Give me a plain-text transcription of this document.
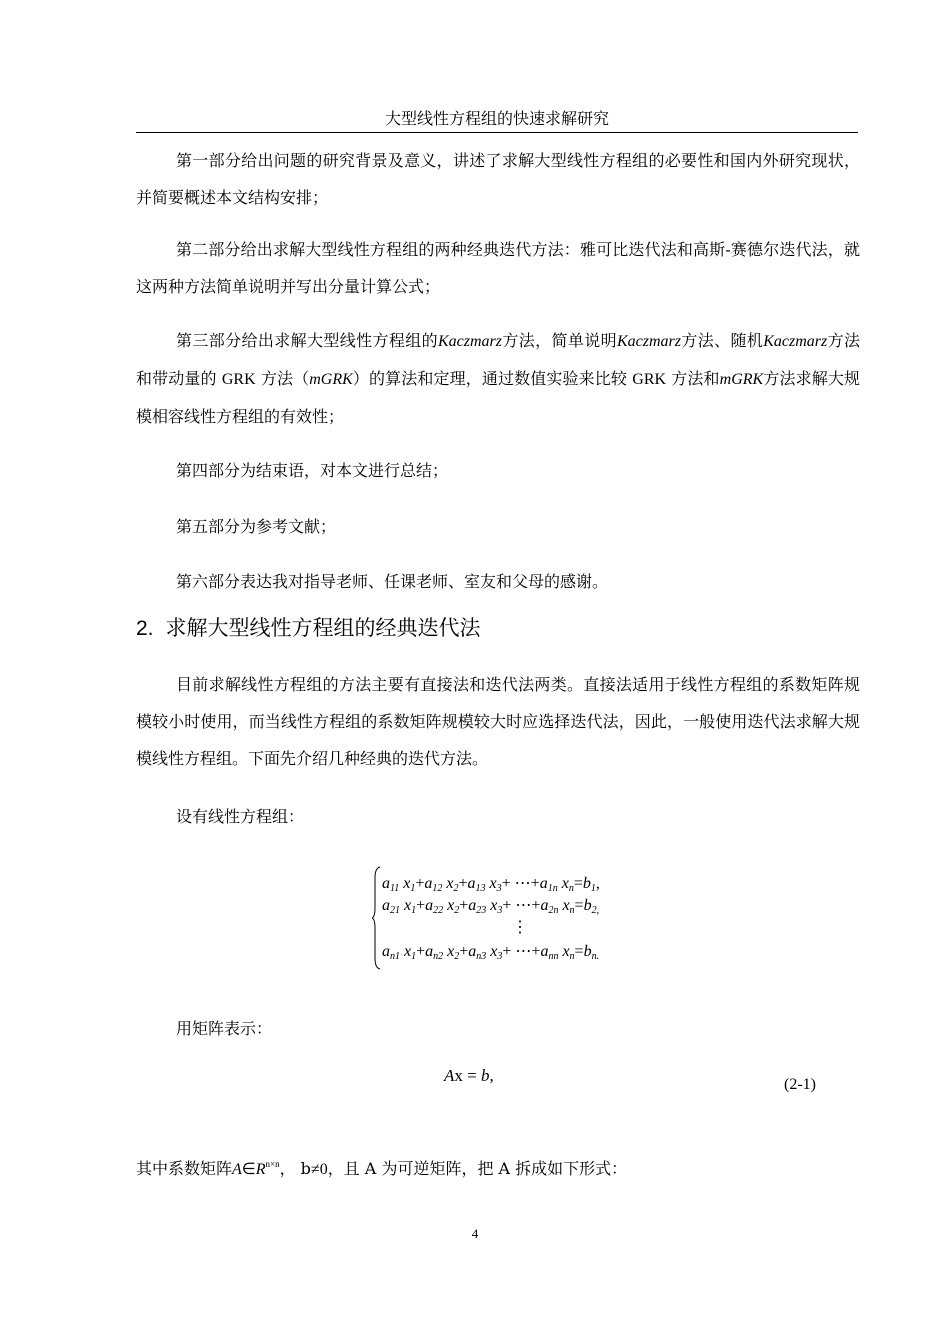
大型线性方程组的快速求解研究

第一部分给出问题的研究背景及意义，讲述了求解大型线性方程组的必要性和国内外研究现状，并简要概述本文结构安排；

第二部分给出求解大型线性方程组的两种经典迭代方法：雅可比迭代法和高斯-赛德尔迭代法，就这两种方法简单说明并写出分量计算公式；

第三部分给出求解大型线性方程组的Kaczmarz方法，简单说明Kaczmarz方法、随机Kaczmarz方法和带动量的 GRK 方法（mGRK）的算法和定理，通过数值实验来比较 GRK 方法和mGRK方法求解大规模相容线性方程组的有效性；

第四部分为结束语，对本文进行总结；

第五部分为参考文献；

第六部分表达我对指导老师、任课老师、室友和父母的感谢。

2. 求解大型线性方程组的经典迭代法

目前求解线性方程组的方法主要有直接法和迭代法两类。直接法适用于线性方程组的系数矩阵规模较小时使用，而当线性方程组的系数矩阵规模较大时应选择迭代法，因此，一般使用迭代法求解大规模线性方程组。下面先介绍几种经典的迭代方法。

设有线性方程组：

$a_{11}$ $x_1+a_{12}$ $x_2+a_{13}$ $x_3+$ $\cdots+a_{1n}$ $x_n=b_1$,
$a_{21}$ $x_1+a_{22}$ $x_2+a_{23}$ $x_3+$ $\cdots+a_{2n}$ $x_n=b_{2,}$
⋮
$a_{n1}$ $x_1+a_{n2}$ $x_2+a_{n3}$ $x_3+$ $\cdots+a_{nn}$ $x_n=b_{n.}$

用矩阵表示：

Ax = b,	(2-1)

其中系数矩阵$A\in R^{n\times n}$， b≠0，且 A 为可逆矩阵，把 A 拆成如下形式：

4
